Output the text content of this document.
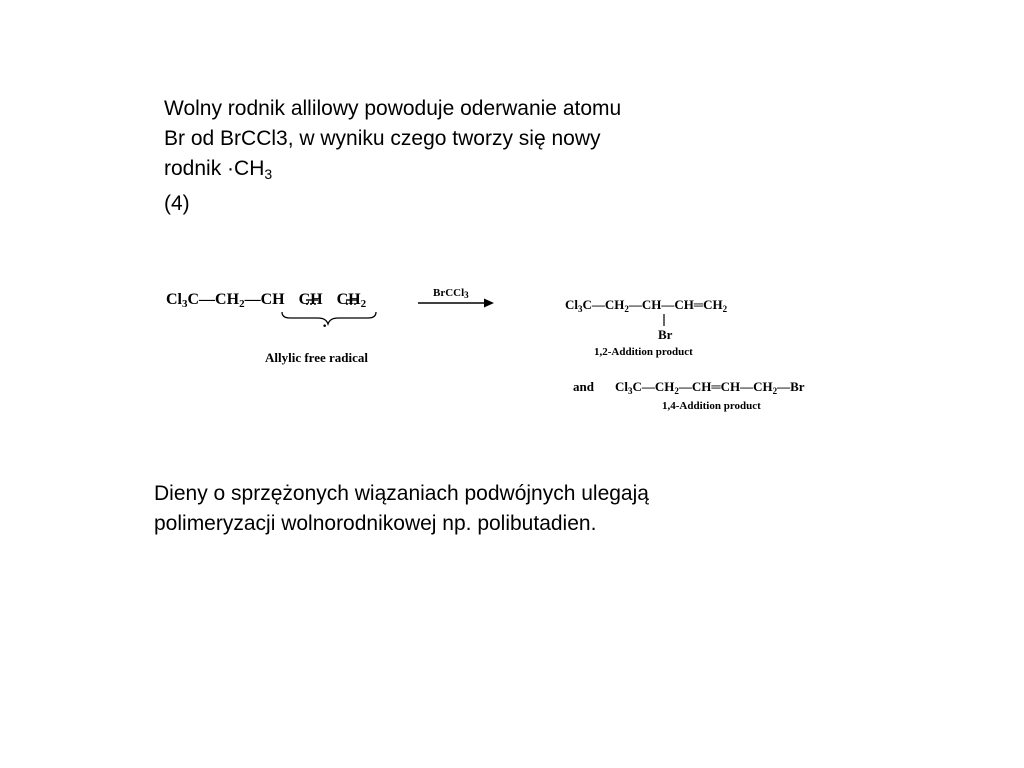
Wolny rodnik allilowy powoduje oderwanie atomu
Br od BrCCl3, w wyniku czego tworzy się nowy
rodnik $\cdot CH_3$
(4)
Cl3C—CH2—CH CH CH2
·
Allylic free radical
BrCCl3
$Cl_3C—CH_2—CH—CH═CH_2$
Br
1,2-Addition product
and $Cl_3C—CH_2—CH═CH—CH_2—Br$
1,4-Addition product
Dieny o sprzężonych wiązaniach podwójnych ulegają
polimeryzacji wolnorodnikowej np. polibutadien.
